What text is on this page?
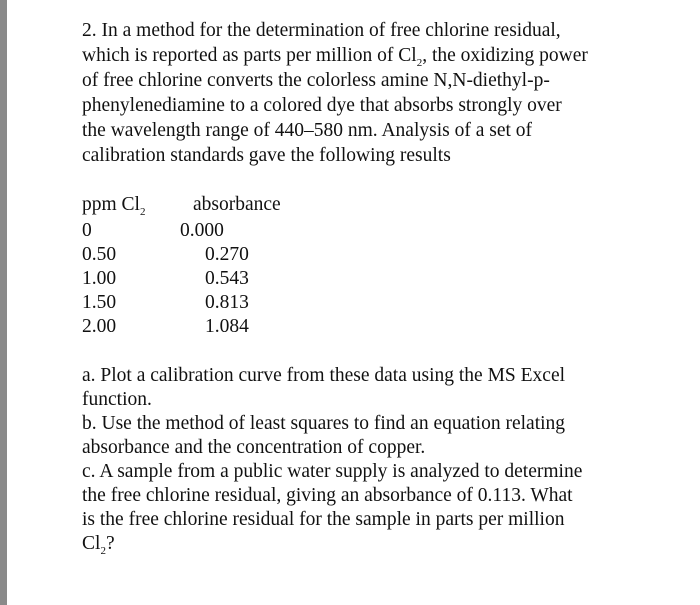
2. In a method for the determination of free chlorine residual,
which is reported as parts per million of $Cl_2$, the oxidizing power
of free chlorine converts the colorless amine N,N-diethyl-p-
phenylenediamine to a colored dye that absorbs strongly over
the wavelength range of 440–580 nm. Analysis of a set of
calibration standards gave the following results
ppm $Cl_2$ absorbance
0	0.000
0.50	0.270
1.00	0.543
1.50	0.813
2.00	1.084
a. Plot a calibration curve from these data using the MS Excel
function.
b. Use the method of least squares to find an equation relating
absorbance and the concentration of copper.
c. A sample from a public water supply is analyzed to determine
the free chlorine residual, giving an absorbance of 0.113. What
is the free chlorine residual for the sample in parts per million
$Cl_2$?
